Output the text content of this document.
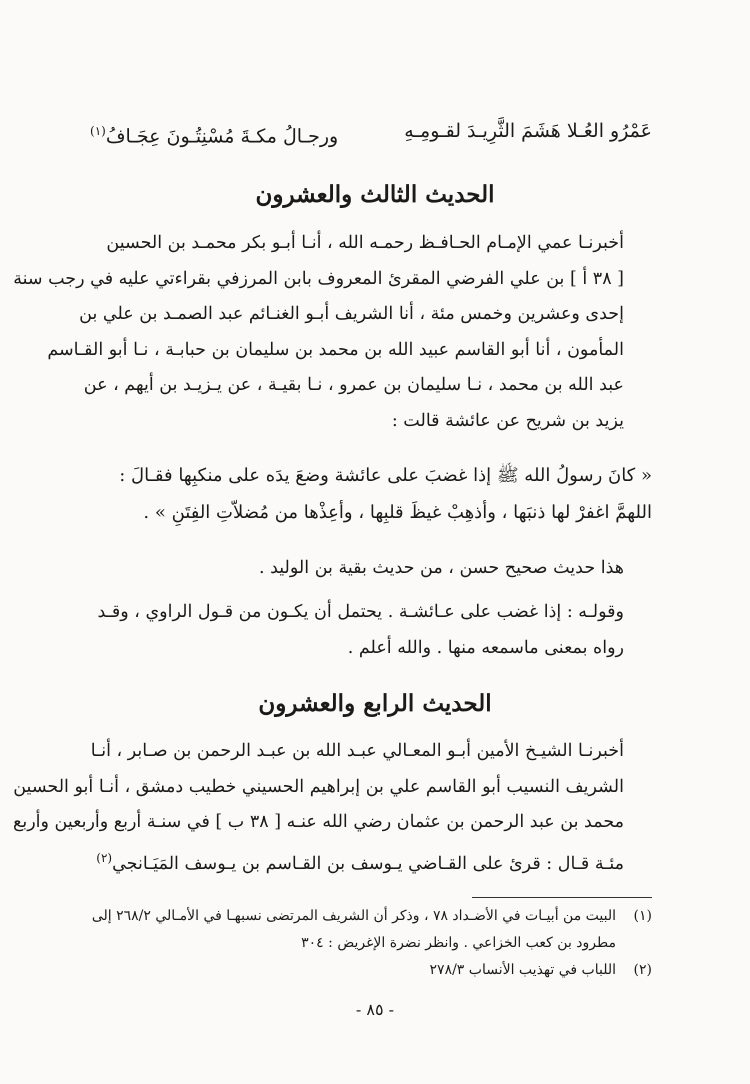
عَمْرُو العُـلا هَشَمَ الثَّرِيـدَ لقـومِـهِ
ورجـالُ مكـةَ مُسْنِتُـونَ عِجَـافُ$^{(١)}$
الحديث الثالث والعشرون
أخبرنـا عمي الإمـام الحـافـظ رحمـه الله ، أنـا أبـو بكر محمـد بن الحسين
[ ٣٨ أ ] بن علي الفرضي المقرئ المعروف بابن المرزفي بقراءتي عليه في رجب سنة
إحدى وعشرين وخمس مئة ، أنا الشريف أبـو الغنـائم عبد الصمـد بن علي بن
المأمون ، أنا أبو القاسم عبيد الله بن محمد بن سليمان بن حبابـة ، نـا أبو القـاسم
عبد الله بن محمد ، نـا سليمان بن عمرو ، نـا بقيـة ، عن يـزيـد بن أيهم ، عن
يزيد بن شريح عن عائشة قالت :
« كانَ رسولُ الله ﷺ إذا غضبَ على عائشة وضعَ يدَه على منكبِها فقـالَ :
اللهمَّ اغفرْ لها ذنبَها ، وأذهِبْ غيظَ قلبِها ، وأعِذْها من مُضلاّتِ الفِتَنِ » .
هذا حديث صحيح حسن ، من حديث بقية بن الوليد .
وقولـه : إذا غضب على عـائشـة . يحتمل أن يكـون من قـول الراوي ، وقـد
رواه بمعنى ماسمعه منها . والله أعلم .
الحديث الرابع والعشرون
أخبرنـا الشيـخ الأمين أبـو المعـالي عبـد الله بن عبـد الرحمن بن صـابر ، أنـا
الشريف النسيب أبو القاسم علي بن إبراهيم الحسيني خطيب دمشق ، أنـا أبو الحسين
محمد بن عبد الرحمن بن عثمان رضي الله عنـه [ ٣٨ ب ] في سنـة أربع وأربعين وأربع
مئـة قـال : قرئ على القـاضي يـوسف بن القـاسم بن يـوسف المَيَـانجي$^{(٢)}$
(١)
البيت من أبيـات في الأضـداد ٧٨ ، وذكر أن الشريف المرتضى نسبهـا في الأمـالي ٢٦٨/٢ إلى
مطرود بن كعب الخزاعي . وانظر نضرة الإغريض : ٣٠٤
(٢)
اللباب في تهذيب الأنساب ٢٧٨/٣
- ٨٥ -
